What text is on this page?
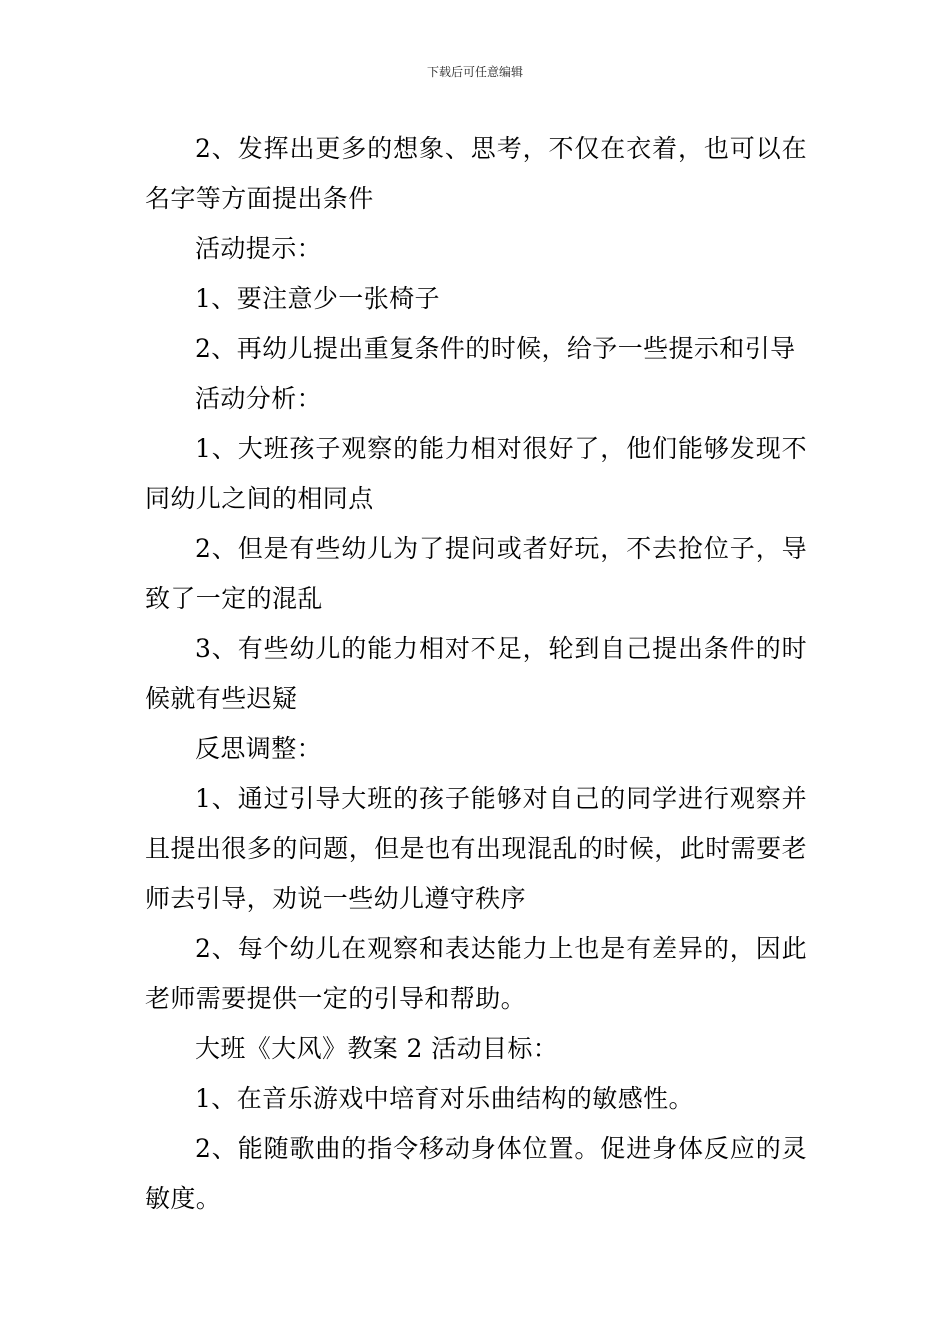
下载后可任意编辑

2、发挥出更多的想象、思考，不仅在衣着，也可以在名字等方面提出条件

活动提示：

1、要注意少一张椅子

2、再幼儿提出重复条件的时候，给予一些提示和引导

活动分析：

1、大班孩子观察的能力相对很好了，他们能够发现不同幼儿之间的相同点

2、但是有些幼儿为了提问或者好玩，不去抢位子，导致了一定的混乱

3、有些幼儿的能力相对不足，轮到自己提出条件的时候就有些迟疑

反思调整：

1、通过引导大班的孩子能够对自己的同学进行观察并且提出很多的问题，但是也有出现混乱的时候，此时需要老师去引导，劝说一些幼儿遵守秩序

2、每个幼儿在观察和表达能力上也是有差异的，因此老师需要提供一定的引导和帮助。

大班《大风》教案 2 活动目标：

1、在音乐游戏中培育对乐曲结构的敏感性。

2、能随歌曲的指令移动身体位置。促进身体反应的灵敏度。
